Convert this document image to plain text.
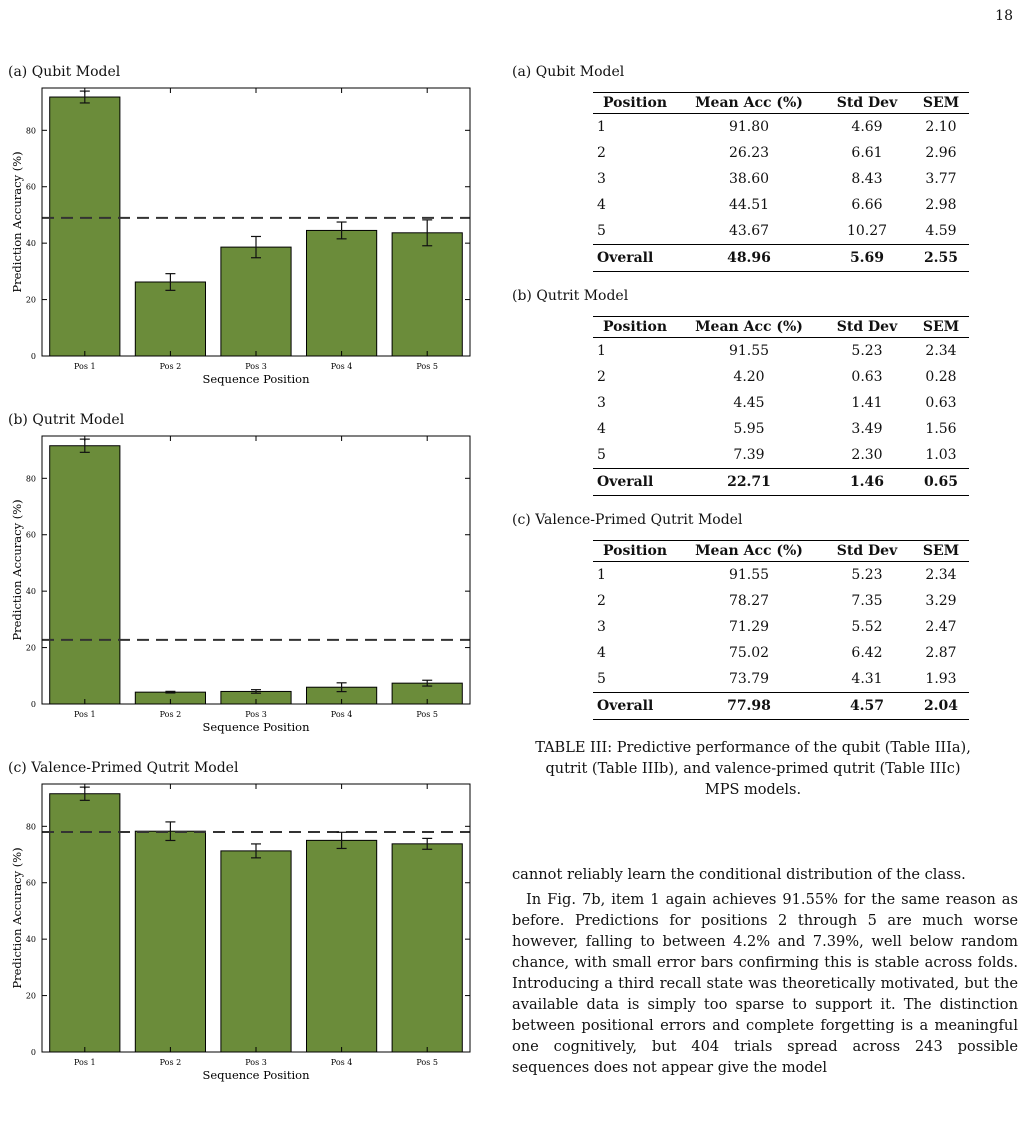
18
(a) Qubit Model
0
20
40
60
80
Pos 1	Pos 2	Pos 3	Pos 4	Pos 5
Sequence Position
Prediction Accuracy (%)
(b) Qutrit Model
0
20
40
60
80
Pos 1	Pos 2	Pos 3	Pos 4	Pos 5
Sequence Position
Prediction Accuracy (%)
(c) Valence-Primed Qutrit Model
0
20
40
60
80
Pos 1	Pos 2	Pos 3	Pos 4	Pos 5
Sequence Position
Prediction Accuracy (%)
(a) Qubit Model
Position	Mean Acc (%)	Std Dev	SEM
1	91.80	4.69	2.10
2	26.23	6.61	2.96
3	38.60	8.43	3.77
4	44.51	6.66	2.98
5	43.67	10.27	4.59
Overall	48.96	5.69	2.55
(b) Qutrit Model
Position	Mean Acc (%)	Std Dev	SEM
1	91.55	5.23	2.34
2	4.20	0.63	0.28
3	4.45	1.41	0.63
4	5.95	3.49	1.56
5	7.39	2.30	1.03
Overall	22.71	1.46	0.65
(c) Valence-Primed Qutrit Model
Position	Mean Acc (%)	Std Dev	SEM
1	91.55	5.23	2.34
2	78.27	7.35	3.29
3	71.29	5.52	2.47
4	75.02	6.42	2.87
5	73.79	4.31	1.93
Overall	77.98	4.57	2.04
TABLE III: Predictive performance of the qubit (Table IIIa), qutrit (Table IIIb), and valence-primed qutrit (Table IIIc) MPS models.

cannot reliably learn the conditional distribution of the class.

In Fig. 7b, item 1 again achieves 91.55% for the same reason as before. Predictions for positions 2 through 5 are much worse however, falling to between 4.2% and 7.39%, well below random chance, with small error bars confirming this is stable across folds. Introducing a third recall state was theoretically motivated, but the available data is simply too sparse to support it. The distinction between positional errors and complete forgetting is a meaningful one cognitively, but 404 trials spread across 243 possible sequences does not appear give the model
